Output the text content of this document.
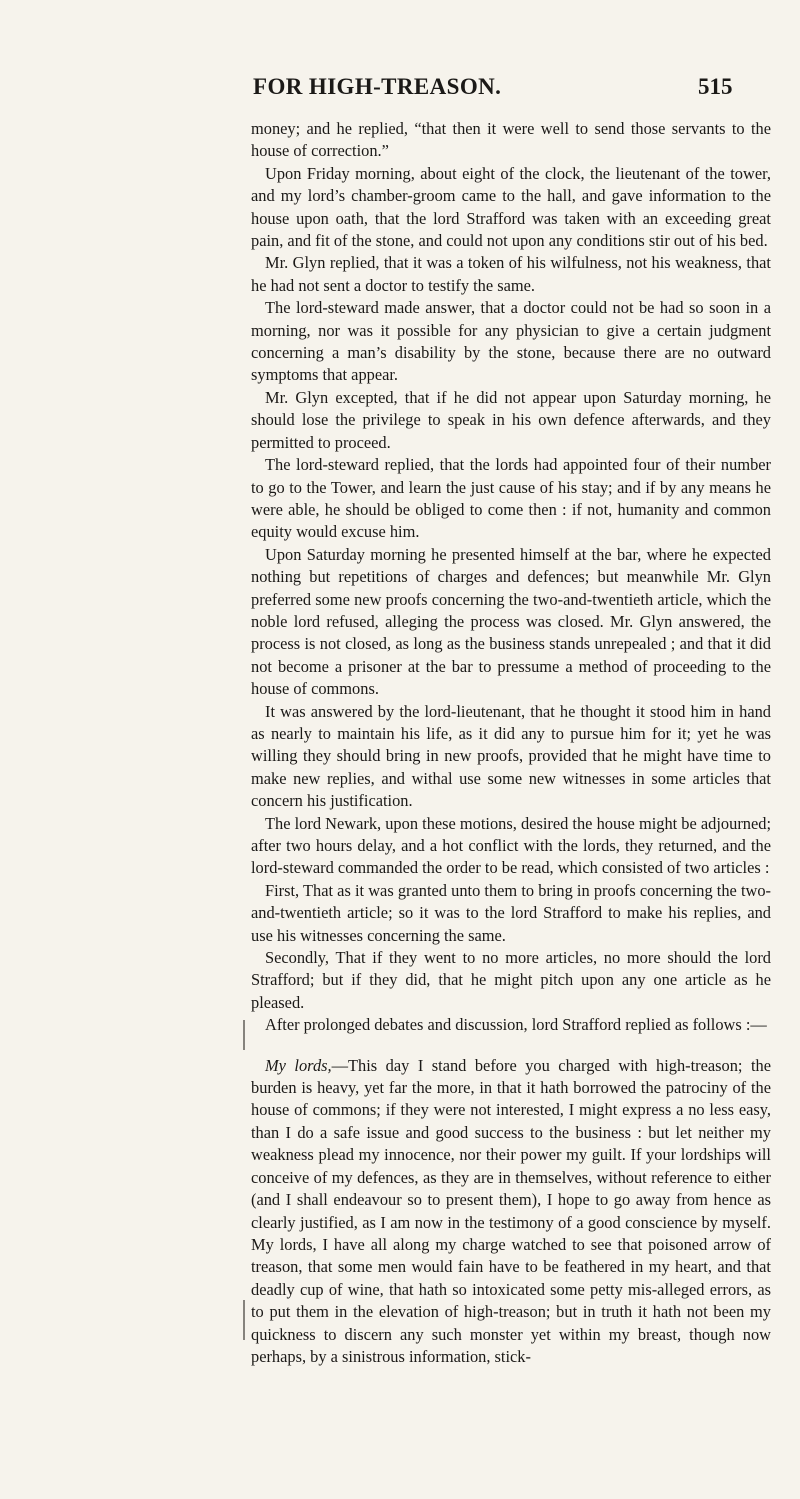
FOR HIGH-TREASON.	515

money; and he replied, “that then it were well to send those servants to the house of correction.”

Upon Friday morning, about eight of the clock, the lieutenant of the tower, and my lord’s chamber-groom came to the hall, and gave information to the house upon oath, that the lord Strafford was taken with an exceeding great pain, and fit of the stone, and could not upon any conditions stir out of his bed.

Mr. Glyn replied, that it was a token of his wilfulness, not his weakness, that he had not sent a doctor to testify the same.

The lord-steward made answer, that a doctor could not be had so soon in a morning, nor was it possible for any physician to give a certain judgment concerning a man’s disability by the stone, because there are no outward symptoms that appear.

Mr. Glyn excepted, that if he did not appear upon Saturday morning, he should lose the privilege to speak in his own defence afterwards, and they permitted to proceed.

The lord-steward replied, that the lords had appointed four of their number to go to the Tower, and learn the just cause of his stay; and if by any means he were able, he should be obliged to come then : if not, humanity and common equity would excuse him.

Upon Saturday morning he presented himself at the bar, where he expected nothing but repetitions of charges and defences; but meanwhile Mr. Glyn preferred some new proofs concerning the two-and-twentieth article, which the noble lord refused, alleging the process was closed. Mr. Glyn answered, the process is not closed, as long as the business stands unrepealed ; and that it did not become a prisoner at the bar to pressume a method of proceeding to the house of commons.

It was answered by the lord-lieutenant, that he thought it stood him in hand as nearly to maintain his life, as it did any to pursue him for it; yet he was willing they should bring in new proofs, provided that he might have time to make new replies, and withal use some new witnesses in some articles that concern his justification.

The lord Newark, upon these motions, desired the house might be adjourned; after two hours delay, and a hot conflict with the lords, they returned, and the lord-steward commanded the order to be read, which consisted of two articles :

First, That as it was granted unto them to bring in proofs concerning the two-and-twentieth article; so it was to the lord Strafford to make his replies, and use his witnesses concerning the same.

Secondly, That if they went to no more articles, no more should the lord Strafford; but if they did, that he might pitch upon any one article as he pleased.

After prolonged debates and discussion, lord Strafford replied as follows :—

My lords,—This day I stand before you charged with high-treason; the burden is heavy, yet far the more, in that it hath borrowed the patrociny of the house of commons; if they were not interested, I might express a no less easy, than I do a safe issue and good success to the business : but let neither my weakness plead my innocence, nor their power my guilt. If your lordships will conceive of my defences, as they are in themselves, without reference to either (and I shall endeavour so to present them), I hope to go away from hence as clearly justified, as I am now in the testimony of a good conscience by myself. My lords, I have all along my charge watched to see that poisoned arrow of treason, that some men would fain have to be feathered in my heart, and that deadly cup of wine, that hath so intoxicated some petty mis-alleged errors, as to put them in the elevation of high-treason; but in truth it hath not been my quickness to discern any such monster yet within my breast, though now perhaps, by a sinistrous information, stick-
